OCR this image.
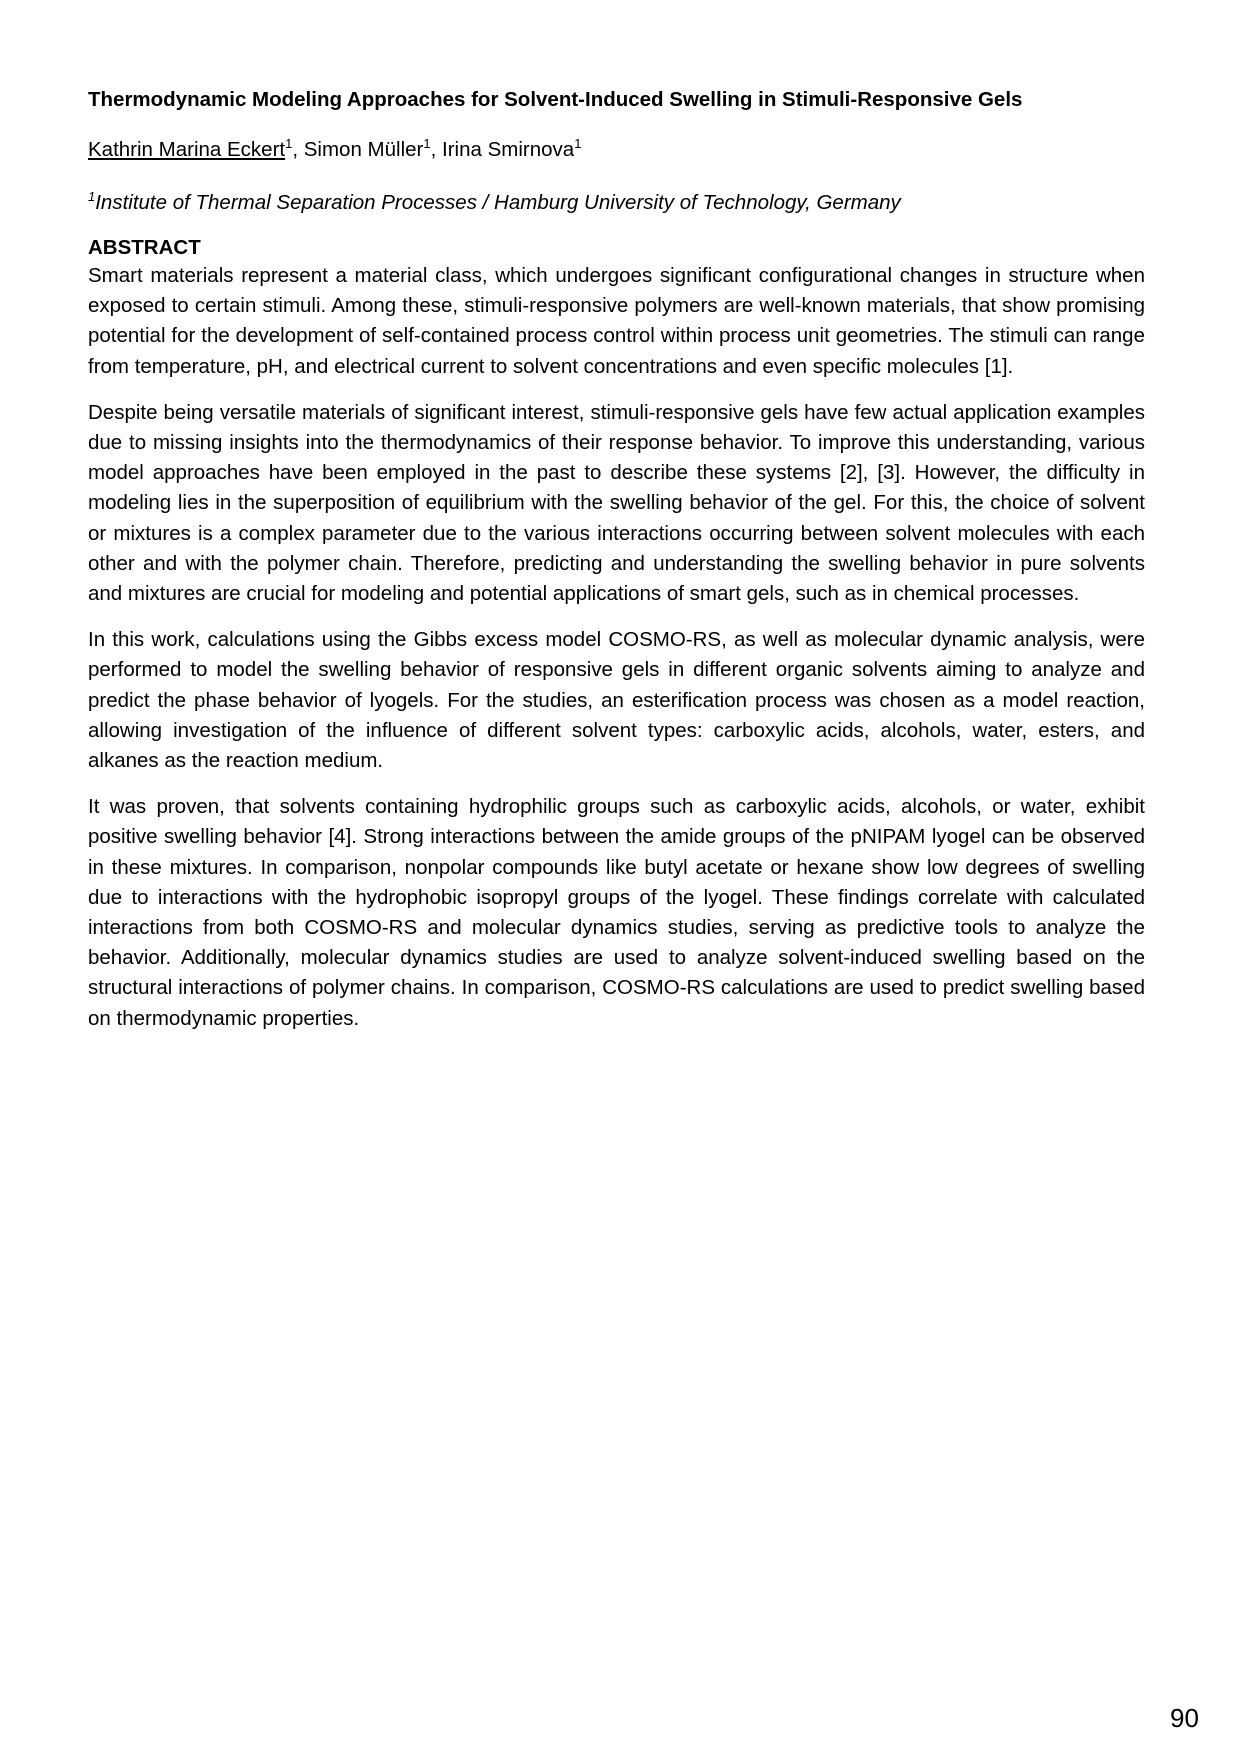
Thermodynamic Modeling Approaches for Solvent-Induced Swelling in Stimuli-Responsive Gels

Kathrin Marina Eckert$^1$, Simon Müller$^1$, Irina Smirnova$^1$

$^1$Institute of Thermal Separation Processes / Hamburg University of Technology, Germany

ABSTRACT

Smart materials represent a material class, which undergoes significant configurational changes in structure when exposed to certain stimuli. Among these, stimuli-responsive polymers are well-known materials, that show promising potential for the development of self-contained process control within process unit geometries. The stimuli can range from temperature, pH, and electrical current to solvent concentrations and even specific molecules [1].

Despite being versatile materials of significant interest, stimuli-responsive gels have few actual application examples due to missing insights into the thermodynamics of their response behavior. To improve this understanding, various model approaches have been employed in the past to describe these systems [2], [3]. However, the difficulty in modeling lies in the superposition of equilibrium with the swelling behavior of the gel. For this, the choice of solvent or mixtures is a complex parameter due to the various interactions occurring between solvent molecules with each other and with the polymer chain. Therefore, predicting and understanding the swelling behavior in pure solvents and mixtures are crucial for modeling and potential applications of smart gels, such as in chemical processes.

In this work, calculations using the Gibbs excess model COSMO-RS, as well as molecular dynamic analysis, were performed to model the swelling behavior of responsive gels in different organic solvents aiming to analyze and predict the phase behavior of lyogels. For the studies, an esterification process was chosen as a model reaction, allowing investigation of the influence of different solvent types: carboxylic acids, alcohols, water, esters, and alkanes as the reaction medium.

It was proven, that solvents containing hydrophilic groups such as carboxylic acids, alcohols, or water, exhibit positive swelling behavior [4]. Strong interactions between the amide groups of the pNIPAM lyogel can be observed in these mixtures. In comparison, nonpolar compounds like butyl acetate or hexane show low degrees of swelling due to interactions with the hydrophobic isopropyl groups of the lyogel. These findings correlate with calculated interactions from both COSMO-RS and molecular dynamics studies, serving as predictive tools to analyze the behavior. Additionally, molecular dynamics studies are used to analyze solvent-induced swelling based on the structural interactions of polymer chains. In comparison, COSMO-RS calculations are used to predict swelling based on thermodynamic properties.

90
